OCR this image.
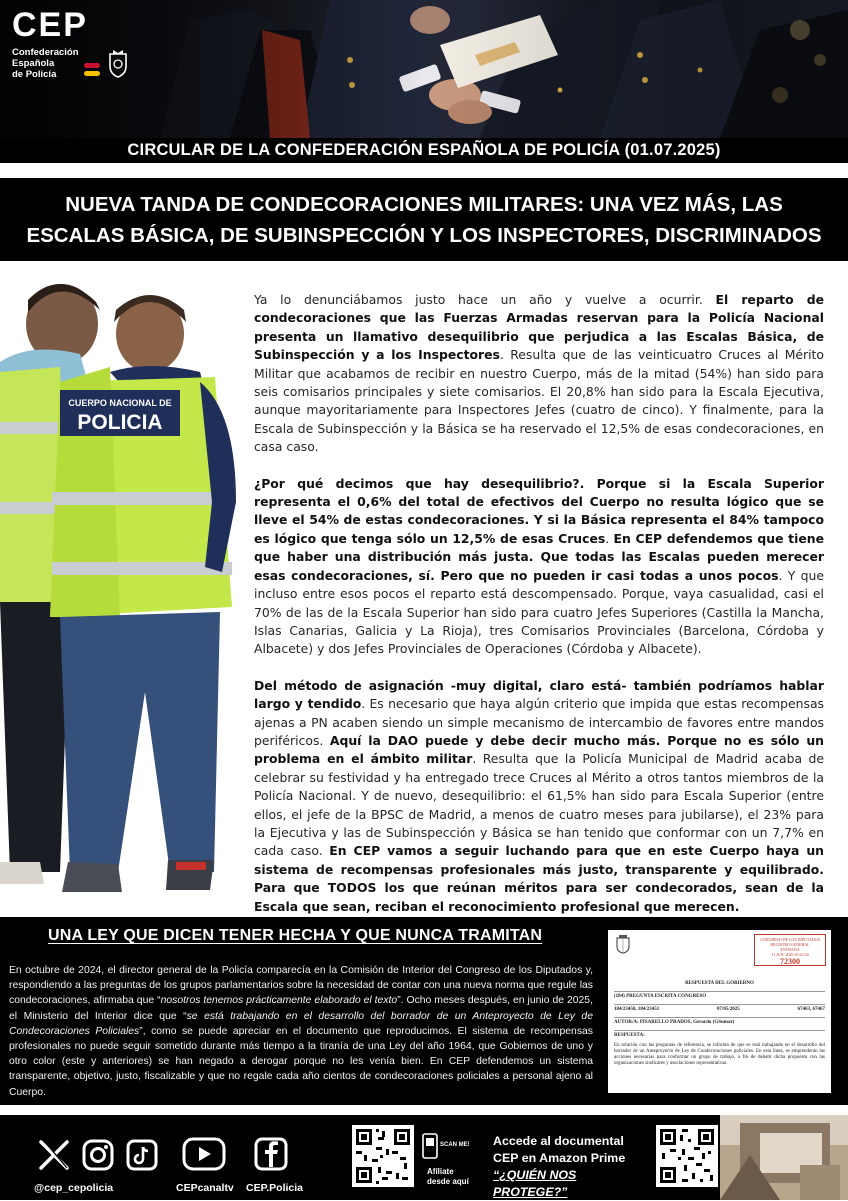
CEP
Confederación
Española
de Policía
CIRCULAR DE LA CONFEDERACIÓN ESPAÑOLA DE POLICÍA (01.07.2025)
NUEVA TANDA DE CONDECORACIONES MILITARES: UNA VEZ MÁS, LAS
ESCALAS BÁSICA, DE SUBINSPECCIÓN Y LOS INSPECTORES, DISCRIMINADOS
CUERPO NACIONAL DE
POLICIA

Ya lo denunciábamos justo hace un año y vuelve a ocurrir. El reparto de condecoraciones que las Fuerzas Armadas reservan para la Policía Nacional presenta un llamativo desequilibrio que perjudica a las Escalas Básica, de Subinspección y a los Inspectores. Resulta que de las veinticuatro Cruces al Mérito Militar que acabamos de recibir en nuestro Cuerpo, más de la mitad (54%) han sido para seis comisarios principales y siete comisarios. El 20,8% han sido para la Escala Ejecutiva, aunque mayoritariamente para Inspectores Jefes (cuatro de cinco). Y finalmente, para la Escala de Subinspección y la Básica se ha reservado el 12,5% de esas condecoraciones, en casa caso.

¿Por qué decimos que hay desequilibrio?. Porque si la Escala Superior representa el 0,6% del total de efectivos del Cuerpo no resulta lógico que se lleve el 54% de estas condecoraciones. Y si la Básica representa el 84% tampoco es lógico que tenga sólo un 12,5% de esas Cruces. En CEP defendemos que tiene que haber una distribución más justa. Que todas las Escalas pueden merecer esas condecoraciones, sí. Pero que no pueden ir casi todas a unos pocos. Y que incluso entre esos pocos el reparto está descompensado. Porque, vaya casualidad, casi el 70% de las de la Escala Superior han sido para cuatro Jefes Superiores (Castilla la Mancha, Islas Canarias, Galicia y La Rioja), tres Comisarios Provinciales (Barcelona, Córdoba y Albacete) y dos Jefes Provinciales de Operaciones (Córdoba y Albacete).

Del método de asignación -muy digital, claro está- también podríamos hablar largo y tendido. Es necesario que haya algún criterio que impida que estas recompensas ajenas a PN acaben siendo un simple mecanismo de intercambio de favores entre mandos periféricos. Aquí la DAO puede y debe decir mucho más. Porque no es sólo un problema en el ámbito militar. Resulta que la Policía Municipal de Madrid acaba de celebrar su festividad y ha entregado trece Cruces al Mérito a otros tantos miembros de la Policía Nacional. Y de nuevo, desequilibrio: el 61,5% han sido para Escala Superior (entre ellos, el jefe de la BPSC de Madrid, a menos de cuatro meses para jubilarse), el 23% para la Ejecutiva y las de Subinspección y Básica se han tenido que conformar con un 7,7% en cada caso. En CEP vamos a seguir luchando para que en este Cuerpo haya un sistema de recompensas profesionales más justo, transparente y equilibrado. Para que TODOS los que reúnan méritos para ser condecorados, sean de la Escala que sean, reciban el reconocimiento profesional que merecen.

UNA LEY QUE DICEN TENER HECHA Y QUE NUNCA TRAMITAN
En octubre de 2024, el director general de la Policía comparecía en la Comisión de Interior del Congreso de los Diputados y, respondiendo a las preguntas de los grupos parlamentarios sobre la necesidad de contar con una nueva norma que regule las condecoraciones, afirmaba que “nosotros tenemos prácticamente elaborado el texto”. Ocho meses después, en junio de 2025, el Ministerio del Interior dice que “se está trabajando en el desarrollo del borrador de un Anteproyecto de Ley de Condecoraciones Policiales”, como se puede apreciar en el documento que reproducimos. El sistema de recompensas profesionales no puede seguir sometido durante más tiempo a la tiranía de una Ley del año 1964, que Gobiernos de uno y otro color (este y anteriores) se han negado a derogar porque no les venía bien. En CEP defendemos un sistema transparente, objetivo, justo, fiscalizable y que no regale cada año cientos de condecoraciones policiales a personal ajeno al Cuerpo.
CONGRESO DE LOS DIPUTADOS
REGISTRO GENERAL
ENTRADA
11 JUN. 2025 10:23:30
72300
RESPUESTA DEL GOBIERNO
(184) PREGUNTA ESCRITA CONGRESO
184/23450, 184/23451	07/05/2025	67463, 67467
AUTOR/A: PISARELLO PRADOS, Gerardo (GSumar)
RESPUESTA:
En relación con las preguntas de referencia, se informa de que se está trabajando en el desarrollo del borrador de un Anteproyecto de Ley de Condecoraciones policiales. En esta línea, se emprenderán las acciones necesarias para conformar un grupo de trabajo, a fin de debatir dicha propuesta con las organizaciones sindicales y asociaciones representativas.
@cep_cepolicia	CEPcanaltv CEP.Policia
SCAN ME!
Afíliate
desde aquí
Accede al documental
CEP en Amazon Prime
“¿QUIÉN NOS PROTEGE?”
